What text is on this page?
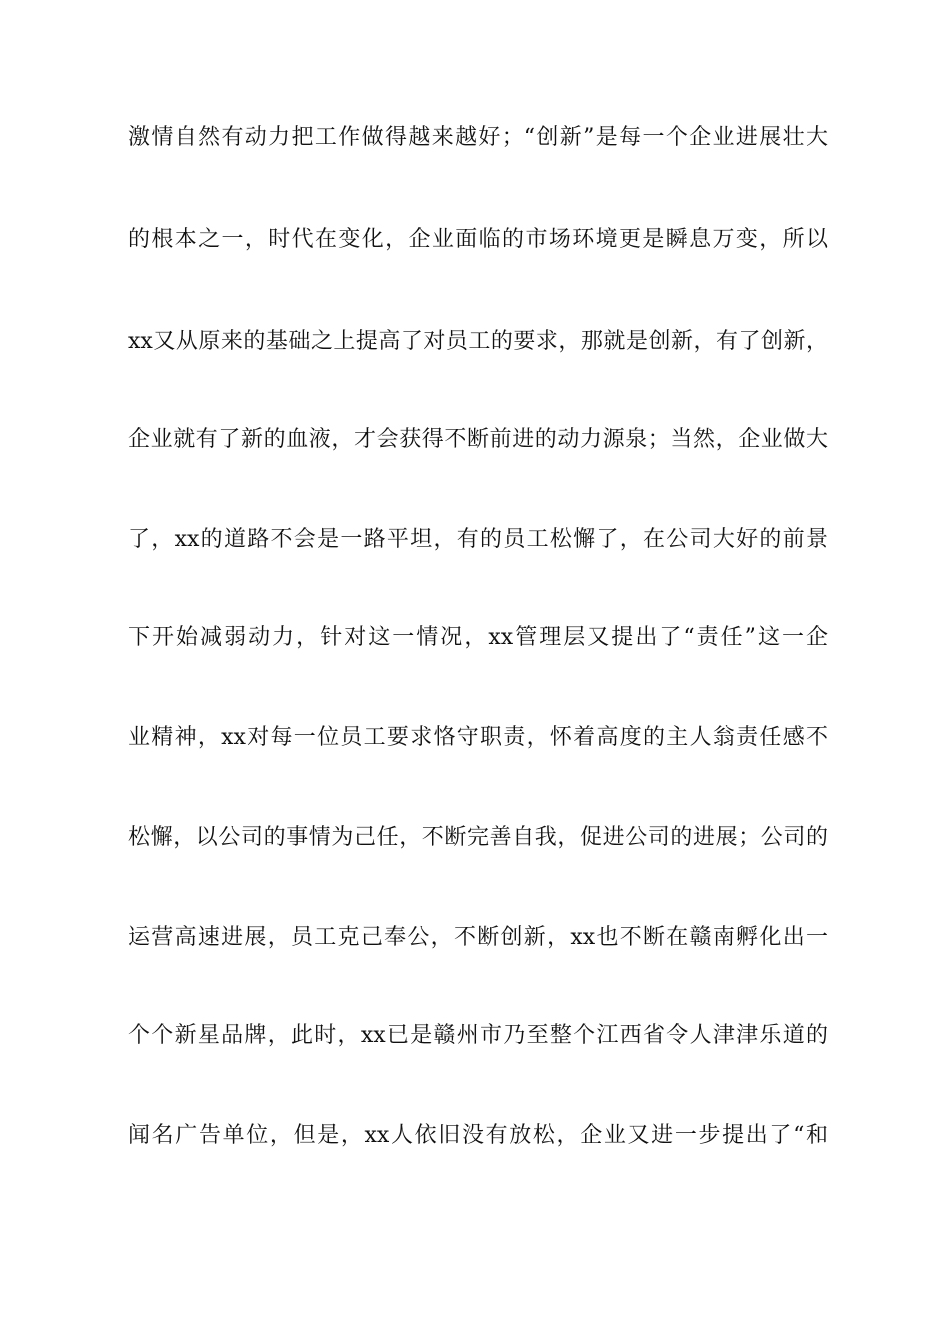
激情自然有动力把工作做得越来越好；“创新”是每一个企业进展壮大
的根本之一，时代在变化，企业面临的市场环境更是瞬息万变，所以
xx又从原来的基础之上提高了对员工的要求，那就是创新，有了创新，
企业就有了新的血液，才会获得不断前进的动力源泉；当然，企业做大
了，xx的道路不会是一路平坦，有的员工松懈了，在公司大好的前景
下开始减弱动力，针对这一情况，xx管理层又提出了“责任”这一企
业精神，xx对每一位员工要求恪守职责，怀着高度的主人翁责任感不
松懈，以公司的事情为己任，不断完善自我，促进公司的进展；公司的
运营高速进展，员工克己奉公，不断创新，xx也不断在赣南孵化出一
个个新星品牌，此时，xx已是赣州市乃至整个江西省令人津津乐道的
闻名广告单位，但是，xx人依旧没有放松，企业又进一步提出了“和
